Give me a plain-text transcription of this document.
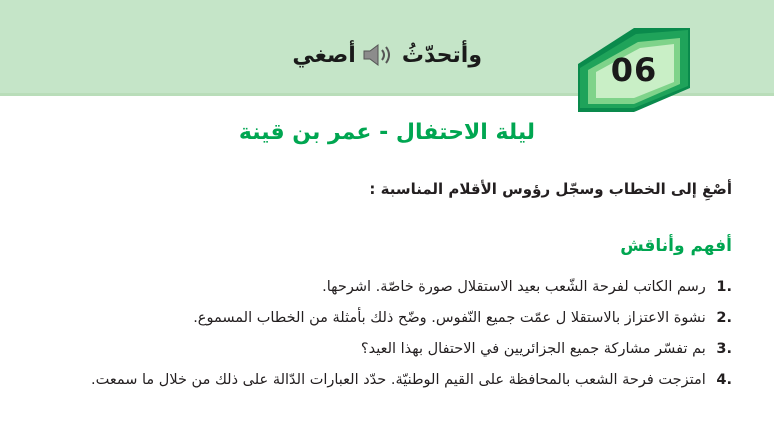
06
أصغي وأتحدّثُ
ليلة الاحتفال - عمر بن قينة
أصْغِ إلى الخطاب وسجّل رؤوس الأقلام المناسبة :
أفهم وأناقش

.1 رسم الكاتب لفرحة الشّعب بعيد الاستقلال صورة خاصّة. اشرحها.

.2 نشوة الاعتزاز بالاستقلا ل عمّت جميع النّفوس. وضّح ذلك بأمثلة من الخطاب المسموع.

.3 بم تفسّر مشاركة جميع الجزائريين في الاحتفال بهذا العيد؟

.4 امتزجت فرحة الشعب بالمحافظة على القيم الوطنيّة. حدّد العبارات الدّالة على ذلك من خلال ما سمعت.
